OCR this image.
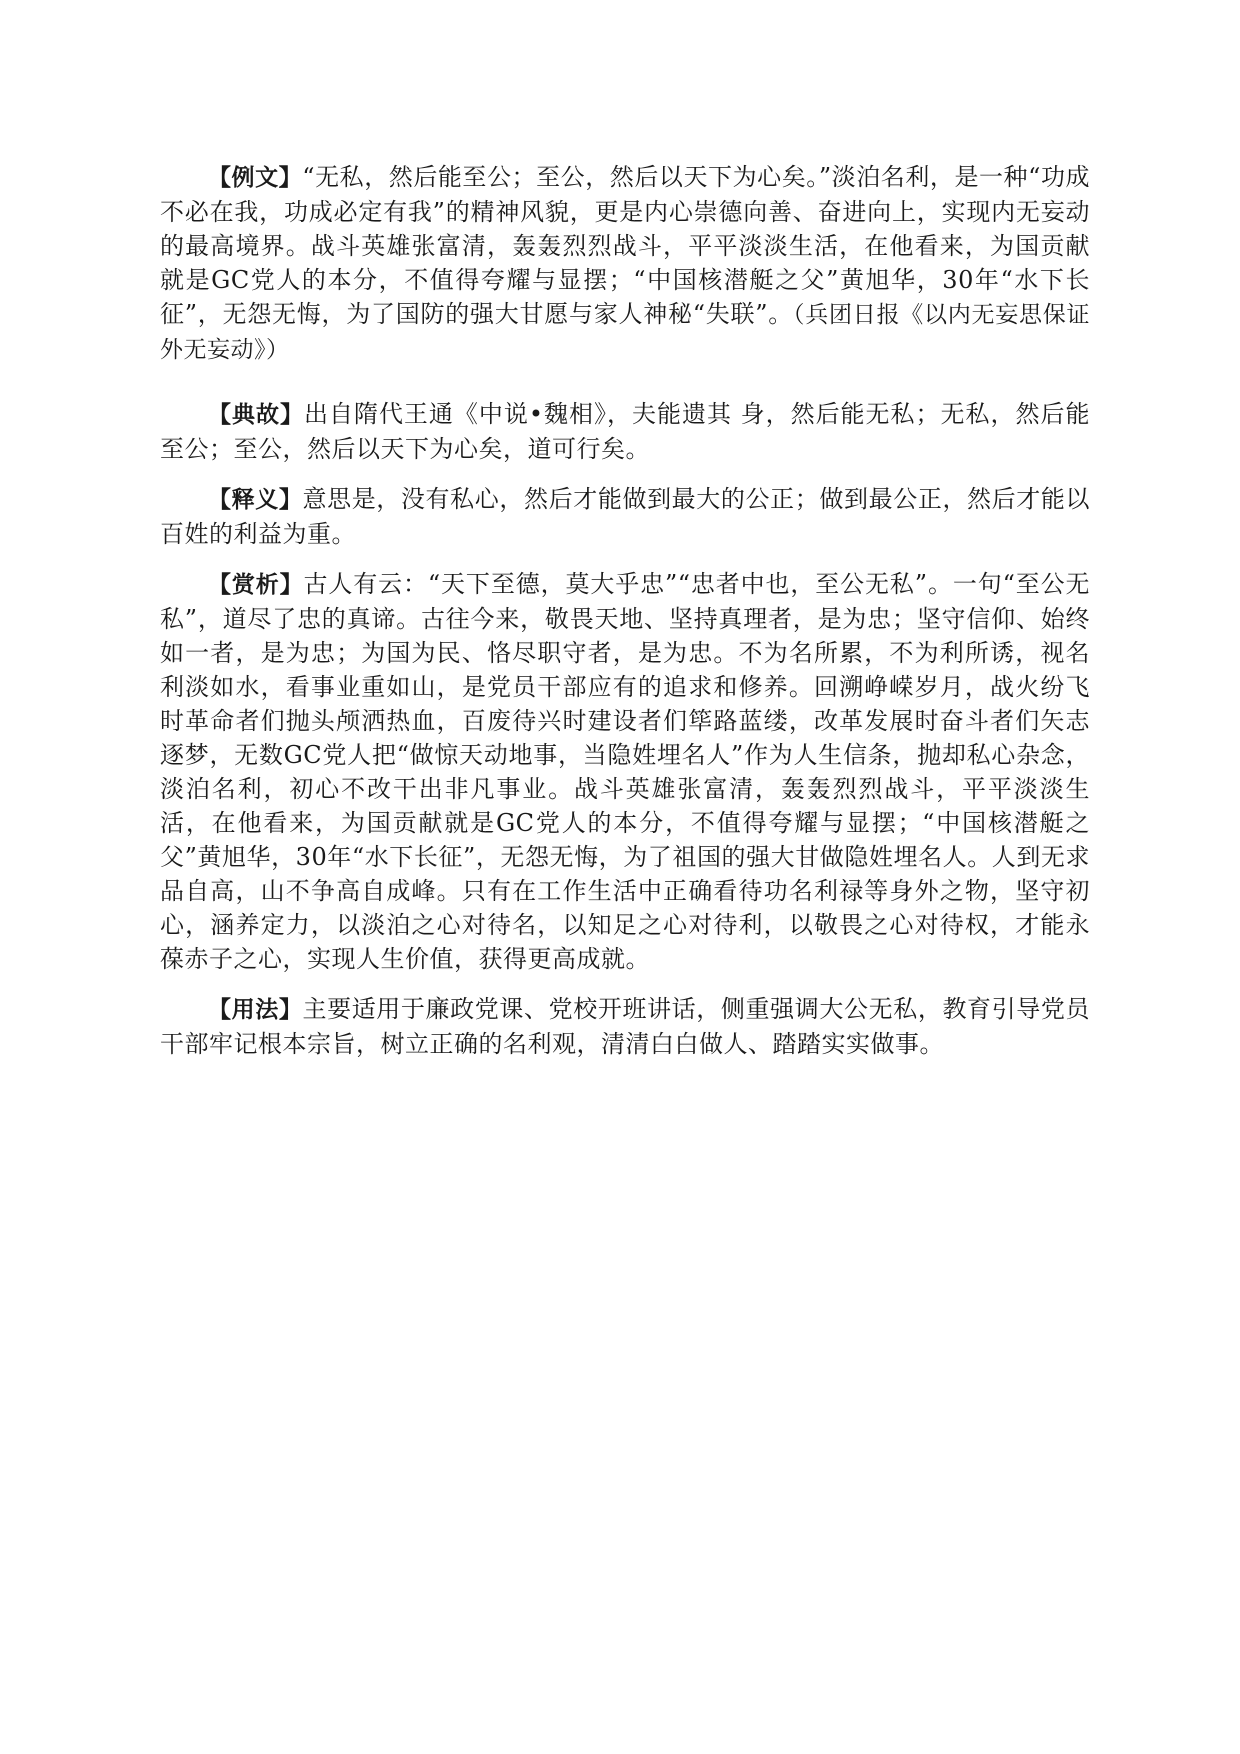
【例文】“无私，然后能至公；至公，然后以天下为心矣。”淡泊名利，是一种“功成不必在我，功成必定有我”的精神风貌，更是内心崇德向善、奋进向上，实现内无妄动的最高境界。战斗英雄张富清，轰轰烈烈战斗，平平淡淡生活，在他看来，为国贡献就是GC党人的本分，不值得夸耀与显摆；“中国核潜艇之父”黄旭华，30年“水下长征”，无怨无悔，为了国防的强大甘愿与家人神秘“失联”。（兵团日报《以内无妄思保证外无妄动》）

【典故】出自隋代王通《中说•魏相》，夫能遗其 身，然后能无私；无私，然后能至公；至公，然后以天下为心矣，道可行矣。

【释义】意思是，没有私心，然后才能做到最大的公正；做到最公正，然后才能以百姓的利益为重。

【赏析】古人有云：“天下至德，莫大乎忠”“忠者中也，至公无私”。一句“至公无私”，道尽了忠的真谛。古往今来，敬畏天地、坚持真理者，是为忠；坚守信仰、始终如一者，是为忠；为国为民、恪尽职守者，是为忠。不为名所累，不为利所诱，视名利淡如水，看事业重如山，是党员干部应有的追求和修养。回溯峥嵘岁月，战火纷飞时革命者们抛头颅洒热血，百废待兴时建设者们筚路蓝缕，改革发展时奋斗者们矢志逐梦，无数GC党人把“做惊天动地事，当隐姓埋名人”作为人生信条，抛却私心杂念，淡泊名利，初心不改干出非凡事业。战斗英雄张富清，轰轰烈烈战斗，平平淡淡生活，在他看来，为国贡献就是GC党人的本分，不值得夸耀与显摆；“中国核潜艇之父”黄旭华，30年“水下长征”，无怨无悔，为了祖国的强大甘做隐姓埋名人。人到无求品自高，山不争高自成峰。只有在工作生活中正确看待功名利禄等身外之物，坚守初心，涵养定力，以淡泊之心对待名，以知足之心对待利，以敬畏之心对待权，才能永葆赤子之心，实现人生价值，获得更高成就。

【用法】主要适用于廉政党课、党校开班讲话，侧重强调大公无私，教育引导党员干部牢记根本宗旨，树立正确的名利观，清清白白做人、踏踏实实做事。
